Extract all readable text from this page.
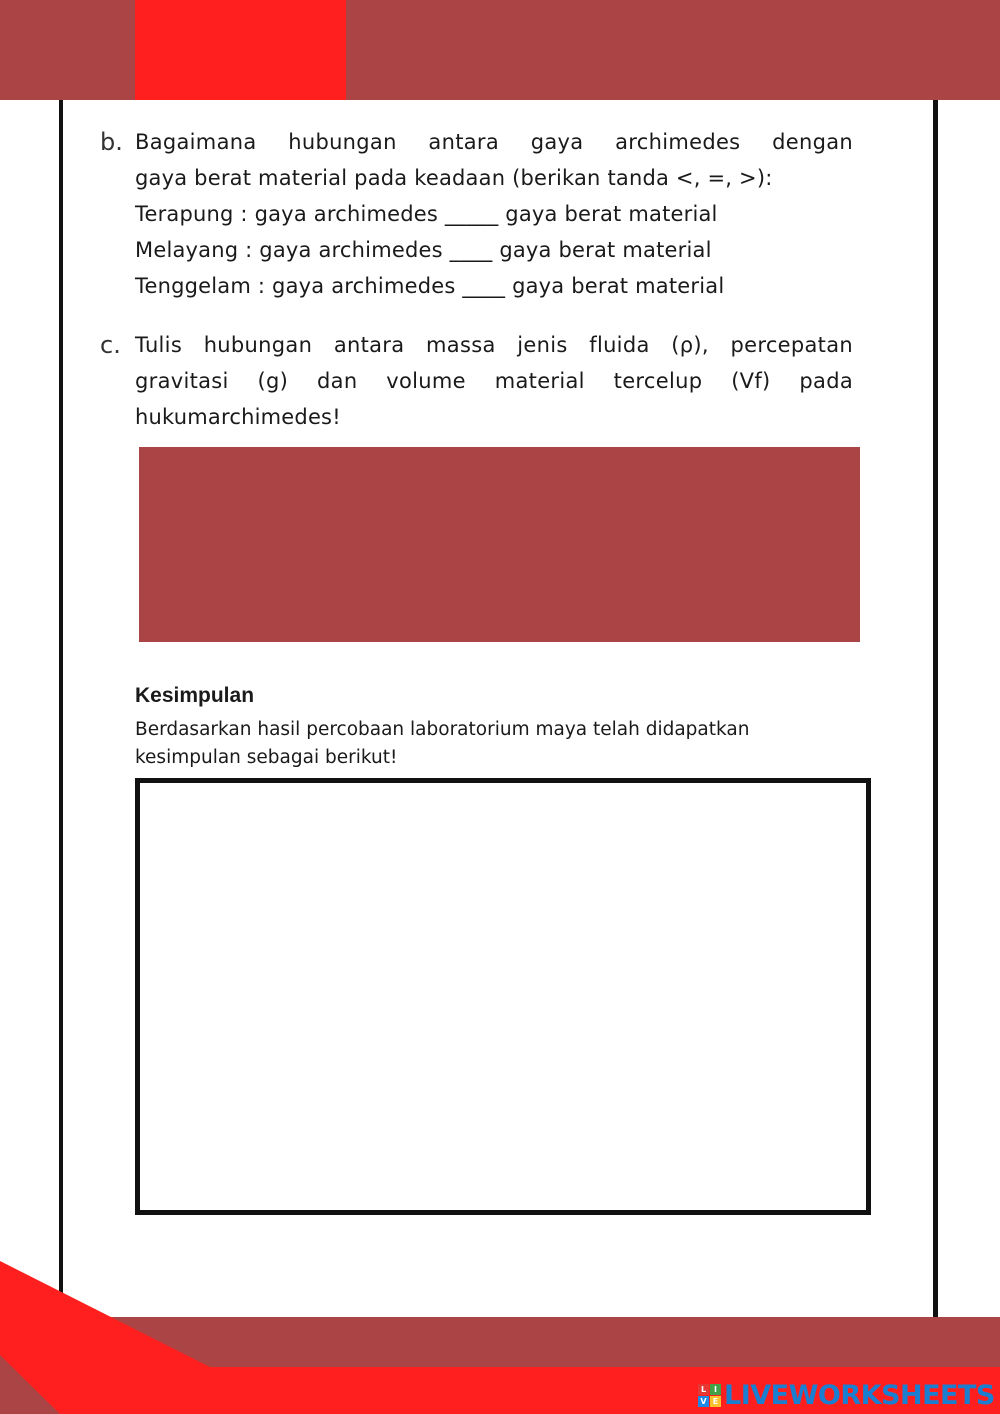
b. Bagaimana hubungan antara gaya archimedes dengan
gaya berat material pada keadaan (berikan tanda <, =, >):
Terapung : gaya archimedes _____ gaya berat material
Melayang : gaya archimedes ____ gaya berat material
Tenggelam : gaya archimedes ____ gaya berat material
c. Tulis hubungan antara massa jenis fluida (ρ), percepatan
gravitasi (g) dan volume material tercelup (Vf) pada
hukumarchimedes!
Kesimpulan
Berdasarkan hasil percobaan laboratorium maya telah didapatkan kesimpulan sebagai berikut!
L I
V E LIVEWORKSHEETS
